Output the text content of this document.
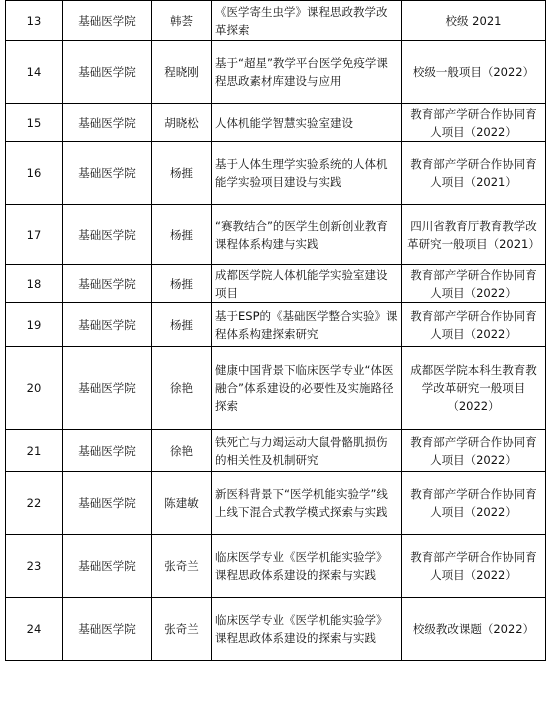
13	基础医学院	韩荟	《医学寄生虫学》课程思政教学改革探索	校级 2021
14	基础医学院	程晓刚	基于“超星”教学平台医学免疫学课程思政素材库建设与应用	校级一般项目（2022）
15	基础医学院	胡晓松	人体机能学智慧实验室建设	教育部产学研合作协同育人项目（2022）
16	基础医学院	杨捱	基于人体生理学实验系统的人体机能学实验项目建设与实践	教育部产学研合作协同育人项目（2021）
17	基础医学院	杨捱	“赛教结合”的医学生创新创业教育课程体系构建与实践	四川省教育厅教育教学改革研究一般项目（2021）
18	基础医学院	杨捱	成都医学院人体机能学实验室建设项目	教育部产学研合作协同育人项目（2022）
19	基础医学院	杨捱	基于ESP的《基础医学整合实验》课程体系构建探索研究	教育部产学研合作协同育人项目（2022）
20	基础医学院	徐艳	健康中国背景下临床医学专业“体医融合”体系建设的必要性及实施路径探索	成都医学院本科生教育教学改革研究一般项目（2022）
21	基础医学院	徐艳	铁死亡与力竭运动大鼠骨骼肌损伤的相关性及机制研究	教育部产学研合作协同育人项目（2022）
22	基础医学院	陈建敏	新医科背景下“医学机能实验学”线上线下混合式教学模式探索与实践	教育部产学研合作协同育人项目（2022）
23	基础医学院	张奇兰	临床医学专业《医学机能实验学》课程思政体系建设的探索与实践	教育部产学研合作协同育人项目（2022）
24	基础医学院	张奇兰	临床医学专业《医学机能实验学》课程思政体系建设的探索与实践	校级教改课题（2022）
